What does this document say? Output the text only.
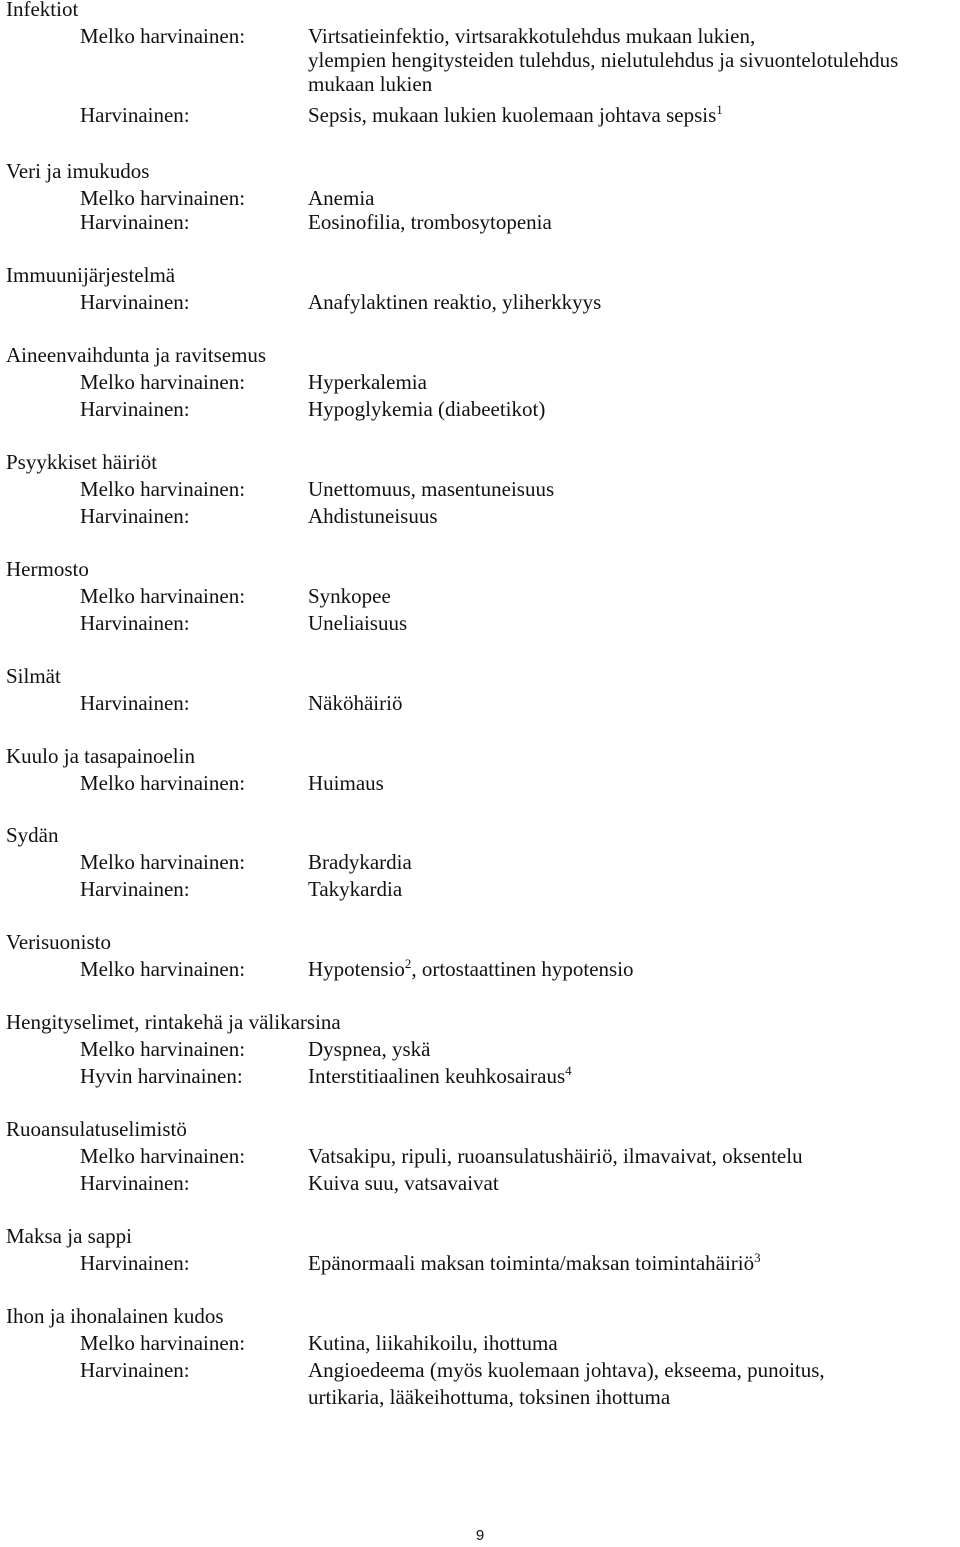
Infektiot
Melko harvinainen:	Virtsatieinfektio, virtsarakkotulehdus mukaan lukien,
ylempien hengitysteiden tulehdus, nielutulehdus ja sivuontelotulehdus
mukaan lukien
Harvinainen:	Sepsis, mukaan lukien kuolemaan johtava sepsis$^1$
Veri ja imukudos
Melko harvinainen:	Anemia
Harvinainen:	Eosinofilia, trombosytopenia
Immuunijärjestelmä
Harvinainen:	Anafylaktinen reaktio, yliherkkyys
Aineenvaihdunta ja ravitsemus
Melko harvinainen:	Hyperkalemia
Harvinainen:	Hypoglykemia (diabeetikot)
Psyykkiset häiriöt
Melko harvinainen:	Unettomuus, masentuneisuus
Harvinainen:	Ahdistuneisuus
Hermosto
Melko harvinainen:	Synkopee
Harvinainen:	Uneliaisuus
Silmät
Harvinainen:	Näköhäiriö
Kuulo ja tasapainoelin
Melko harvinainen:	Huimaus
Sydän
Melko harvinainen:	Bradykardia
Harvinainen:	Takykardia
Verisuonisto
Melko harvinainen:	Hypotensio$^2$, ortostaattinen hypotensio
Hengityselimet, rintakehä ja välikarsina
Melko harvinainen:	Dyspnea, yskä
Hyvin harvinainen:	Interstitiaalinen keuhkosairaus$^4$
Ruoansulatuselimistö
Melko harvinainen:	Vatsakipu, ripuli, ruoansulatushäiriö, ilmavaivat, oksentelu
Harvinainen:	Kuiva suu, vatsavaivat
Maksa ja sappi
Harvinainen:	Epänormaali maksan toiminta/maksan toimintahäiriö$^3$
Ihon ja ihonalainen kudos
Melko harvinainen:	Kutina, liikahikoilu, ihottuma
Harvinainen:	Angioedeema (myös kuolemaan johtava), ekseema, punoitus,
urtikaria, lääkeihottuma, toksinen ihottuma
9
